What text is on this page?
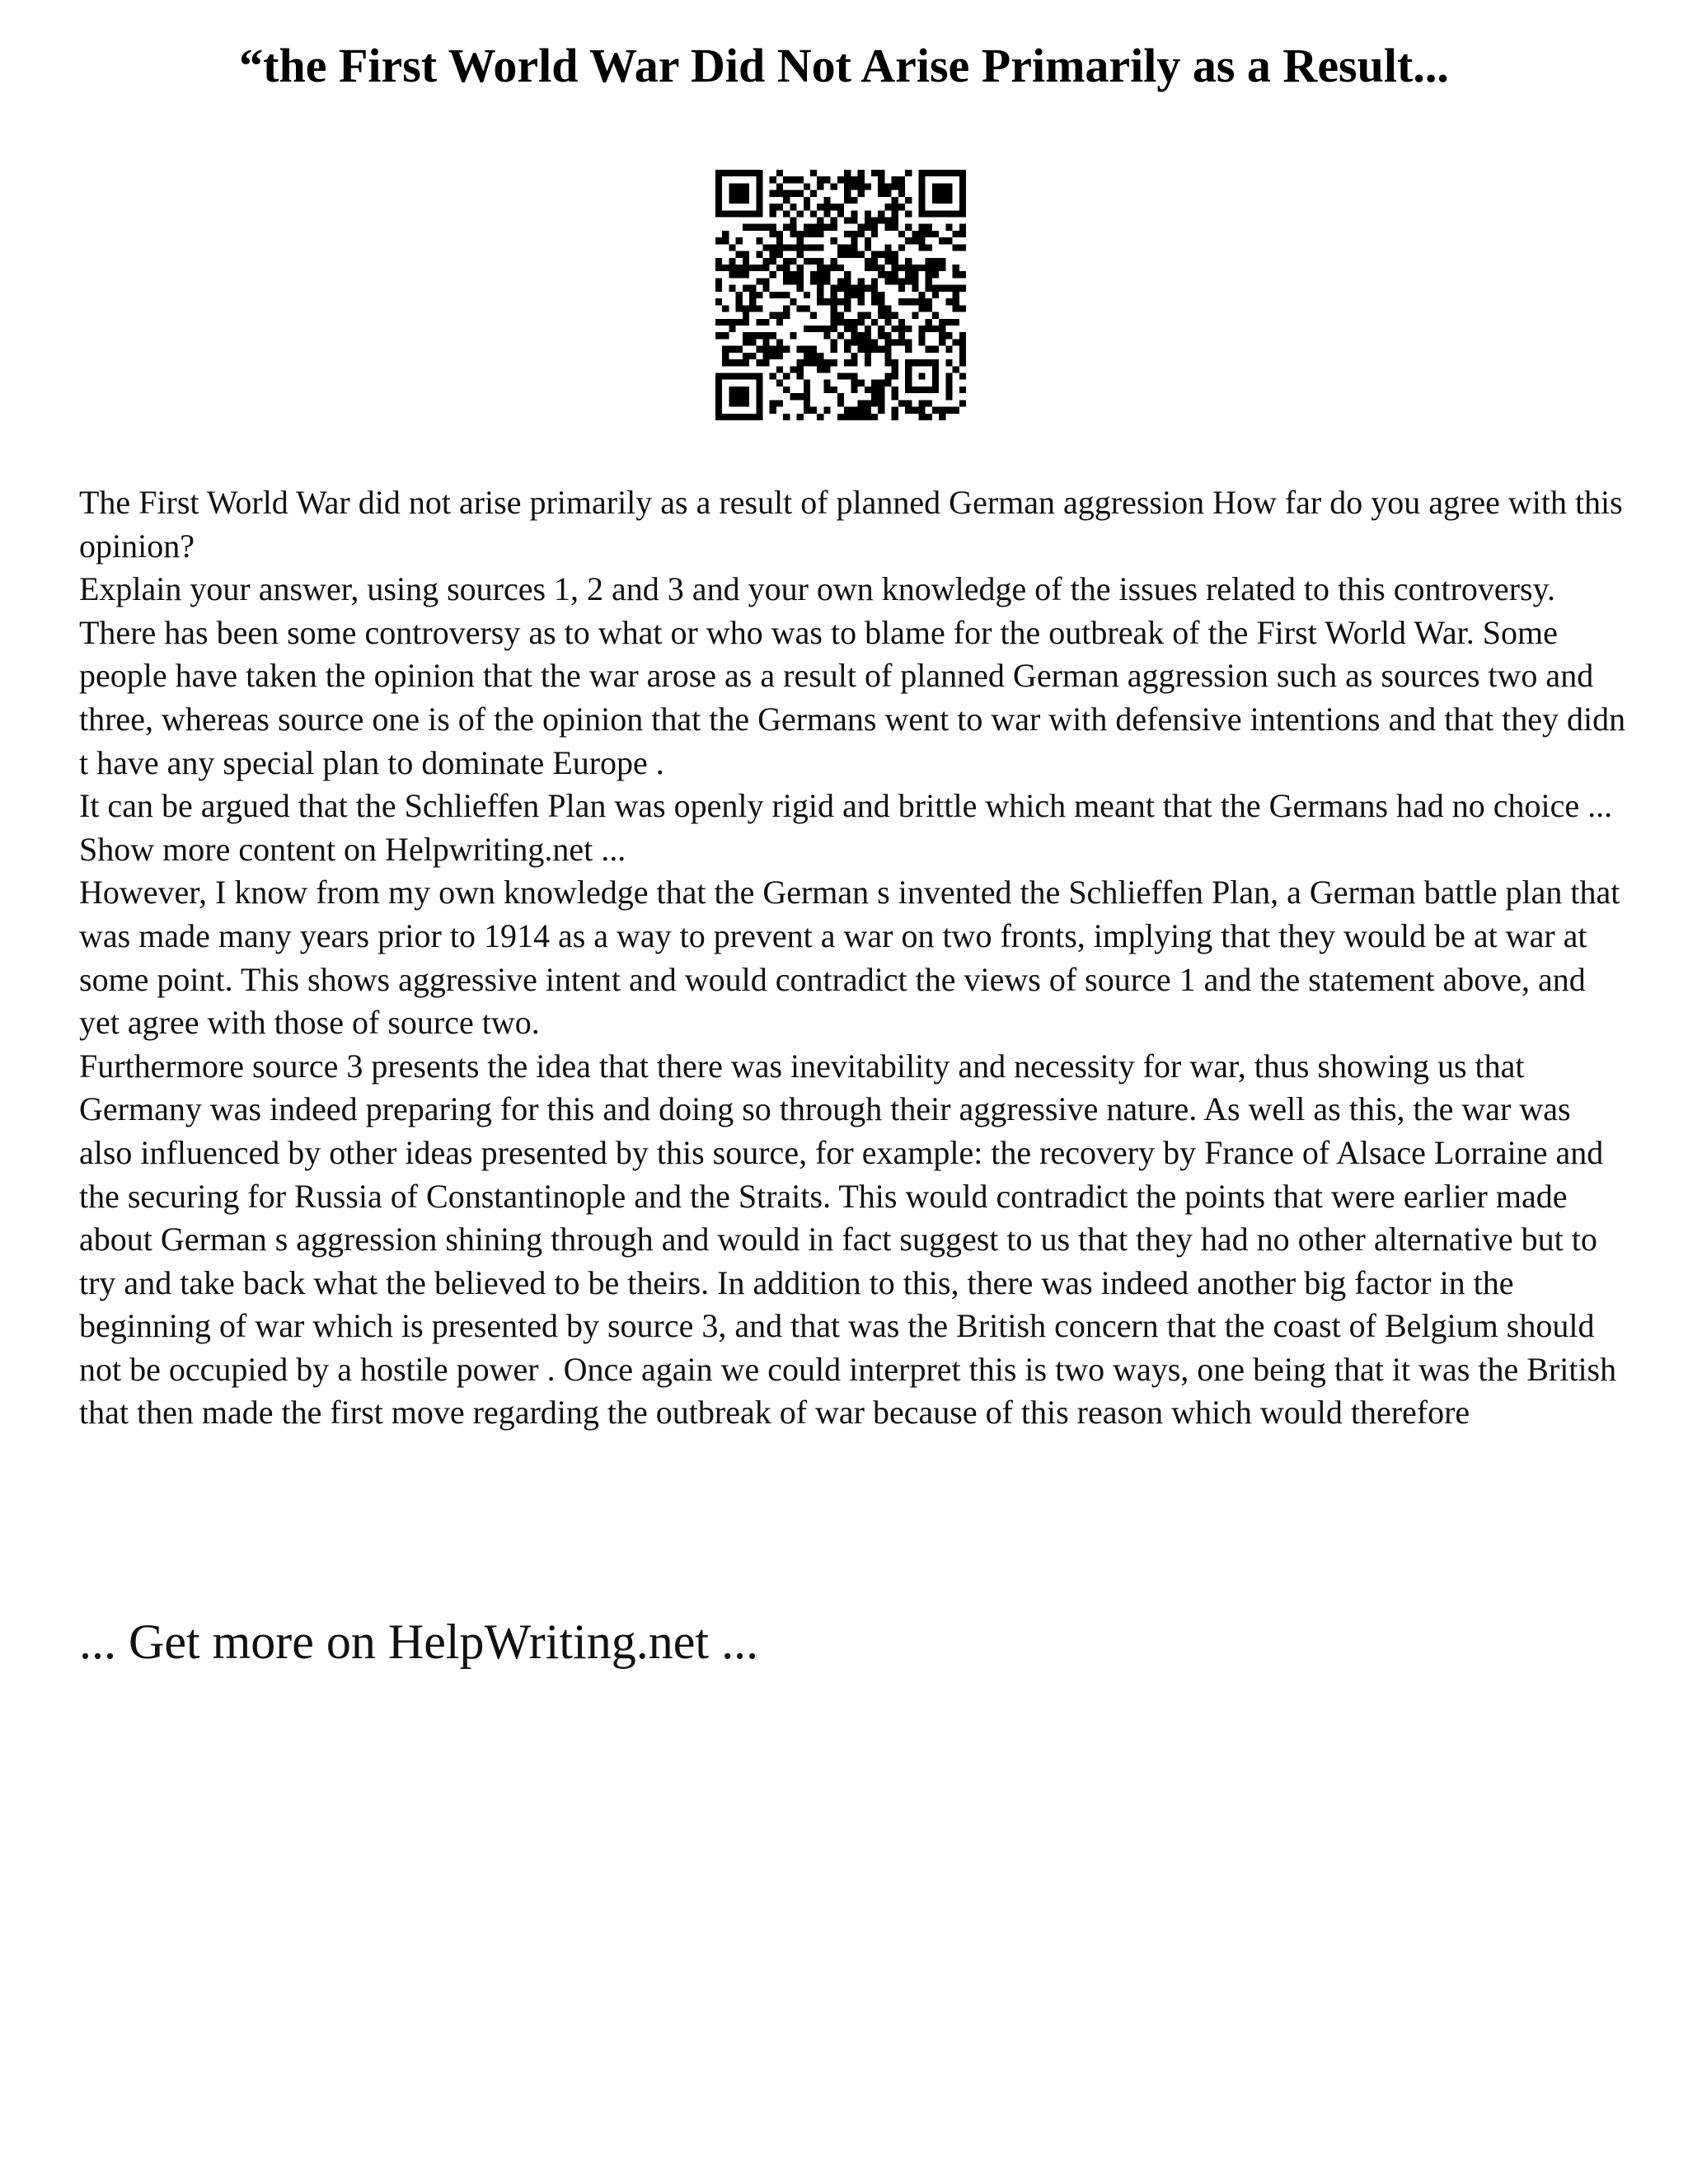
“the First World War Did Not Arise Primarily as a Result...

The First World War did not arise primarily as a result of planned German aggression How far do you agree with this opinion?

Explain your answer, using sources 1, 2 and 3 and your own knowledge of the issues related to this controversy.

There has been some controversy as to what or who was to blame for the outbreak of the First World War. Some people have taken the opinion that the war arose as a result of planned German aggression such as sources two and three, whereas source one is of the opinion that the Germans went to war with defensive intentions and that they didn t have any special plan to dominate Europe .

It can be argued that the Schlieffen Plan was openly rigid and brittle which meant that the Germans had no choice ... Show more content on Helpwriting.net ...

However, I know from my own knowledge that the German s invented the Schlieffen Plan, a German battle plan that was made many years prior to 1914 as a way to prevent a war on two fronts, implying that they would be at war at some point. This shows aggressive intent and would contradict the views of source 1 and the statement above, and yet agree with those of source two.

Furthermore source 3 presents the idea that there was inevitability and necessity for war, thus showing us that Germany was indeed preparing for this and doing so through their aggressive nature. As well as this, the war was also influenced by other ideas presented by this source, for example: the recovery by France of Alsace Lorraine and the securing for Russia of Constantinople and the Straits. This would contradict the points that were earlier made about German s aggression shining through and would in fact suggest to us that they had no other alternative but to try and take back what the believed to be theirs. In addition to this, there was indeed another big factor in the beginning of war which is presented by source 3, and that was the British concern that the coast of Belgium should not be occupied by a hostile power . Once again we could interpret this is two ways, one being that it was the British that then made the first move regarding the outbreak of war because of this reason which would therefore

... Get more on HelpWriting.net ...
